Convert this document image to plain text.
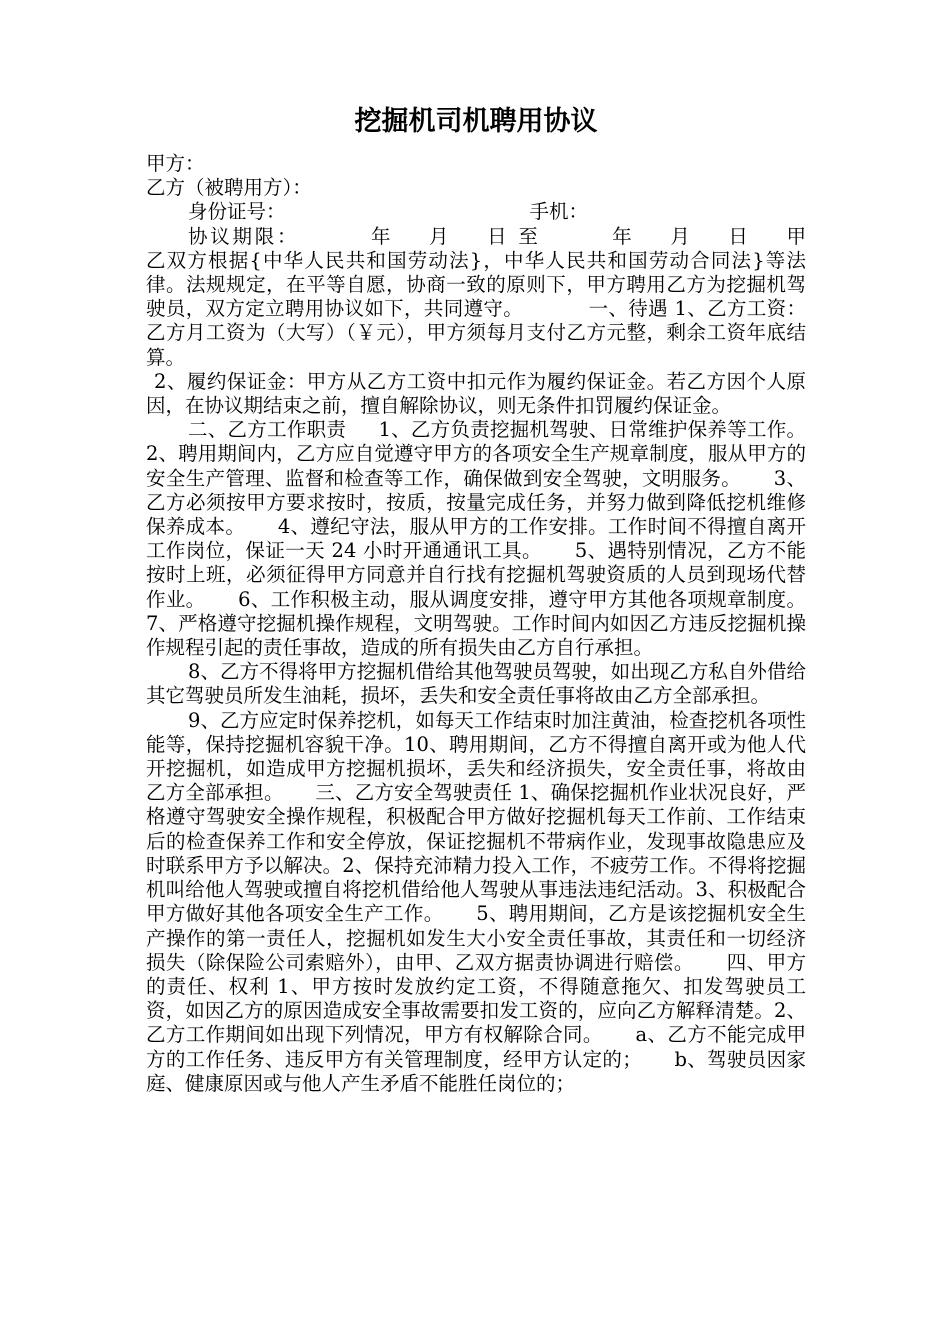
挖掘机司机聘用协议

甲方：

乙方（被聘用方）：

身份证号：	手机：

协议期限：        年    月    日 至        年    月    日    甲

乙双方根据{中华人民共和国劳动法}，中华人民共和国劳动合同法}等法律。法规规定，在平等自愿，协商一致的原则下，甲方聘用乙方为挖掘机驾驶员，双方定立聘用协议如下，共同遵守。          一、待遇 1、乙方工资：乙方月工资为（大写）（￥元），甲方须每月支付乙方元整，剩余工资年底结算。

2、履约保证金：甲方从乙方工资中扣元作为履约保证金。若乙方因个人原因，在协议期结束之前，擅自解除协议，则无条件扣罚履约保证金。

二、乙方工作职责     1、乙方负责挖掘机驾驶、日常维护保养等工作。     2、聘用期间内，乙方应自觉遵守甲方的各项安全生产规章制度，服从甲方的安全生产管理、监督和检查等工作，确保做到安全驾驶，文明服务。     3、乙方必须按甲方要求按时，按质，按量完成任务，并努力做到降低挖机维修保养成本。     4、遵纪守法，服从甲方的工作安排。工作时间不得擅自离开工作岗位，保证一天 24 小时开通通讯工具。     5、遇特别情况，乙方不能按时上班，必须征得甲方同意并自行找有挖掘机驾驶资质的人员到现场代替作业。     6、工作积极主动，服从调度安排，遵守甲方其他各项规章制度。     7、严格遵守挖掘机操作规程，文明驾驶。工作时间内如因乙方违反挖掘机操作规程引起的责任事故，造成的所有损失由乙方自行承担。

8、乙方不得将甲方挖掘机借给其他驾驶员驾驶，如出现乙方私自外借给其它驾驶员所发生油耗，损坏，丢失和安全责任事将故由乙方全部承担。

9、乙方应定时保养挖机，如每天工作结束时加注黄油，检查挖机各项性能等，保持挖掘机容貌干净。10、聘用期间，乙方不得擅自离开或为他人代开挖掘机，如造成甲方挖掘机损坏，丢失和经济损失，安全责任事，将故由乙方全部承担。     三、乙方安全驾驶责任 1、确保挖掘机作业状况良好，严格遵守驾驶安全操作规程，积极配合甲方做好挖掘机每天工作前、工作结束后的检查保养工作和安全停放，保证挖掘机不带病作业，发现事故隐患应及时联系甲方予以解决。2、保持充沛精力投入工作，不疲劳工作。不得将挖掘机叫给他人驾驶或擅自将挖机借给他人驾驶从事违法违纪活动。3、积极配合甲方做好其他各项安全生产工作。     5、聘用期间，乙方是该挖掘机安全生产操作的第一责任人，挖掘机如发生大小安全责任事故，其责任和一切经济损失（除保险公司索赔外），由甲、乙双方据责协调进行赔偿。     四、甲方的责任、权利 1、甲方按时发放约定工资，不得随意拖欠、扣发驾驶员工资，如因乙方的原因造成安全事故需要扣发工资的，应向乙方解释清楚。2、乙方工作期间如出现下列情况，甲方有权解除合同。     a、乙方不能完成甲方的工作任务、违反甲方有关管理制度，经甲方认定的；     b、驾驶员因家庭、健康原因或与他人产生矛盾不能胜任岗位的；
